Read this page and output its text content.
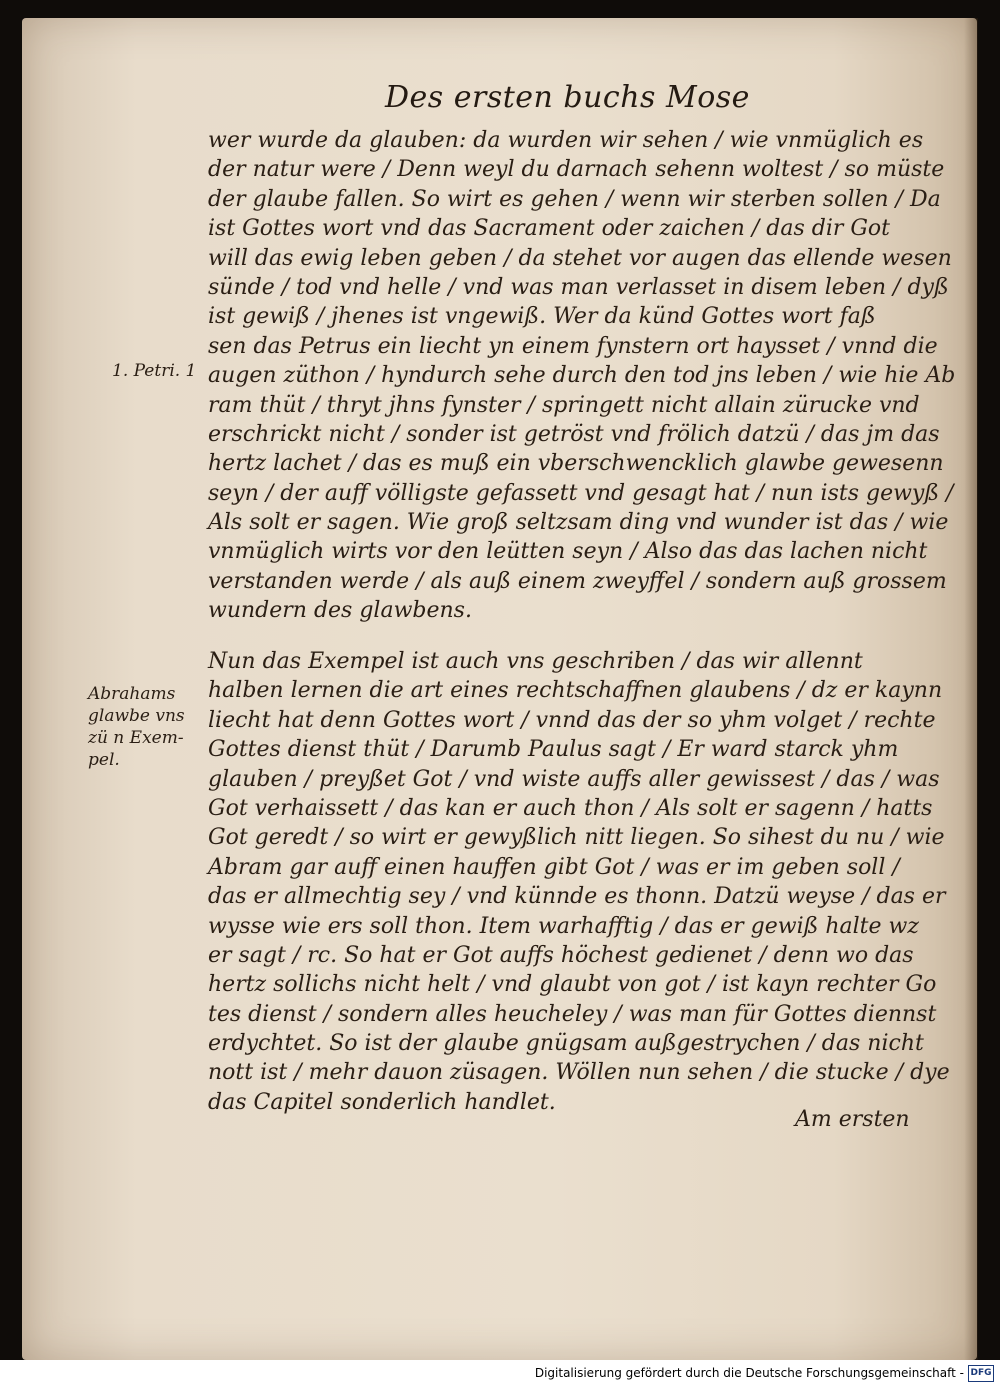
Des ersten buchs Mose
wer wurde da glauben: da wurden wir sehen / wie vnmüglich es
der natur were / Denn weyl du darnach sehenn woltest / so müste
der glaube fallen. So wirt es gehen / wenn wir sterben sollen / Da
ist Gottes wort vnd das Sacrament oder zaichen / das dir Got
will das ewig leben geben / da stehet vor augen das ellende wesen
sünde / tod vnd helle / vnd was man verlasset in disem leben / dyß
ist gewiß / jhenes ist vngewiß. Wer da künd Gottes wort faß
sen das Petrus ein liecht yn einem fynstern ort haysset / vnnd die
augen züthon / hyndurch sehe durch den tod jns leben / wie hie Ab
ram thüt / thryt jhns fynster / springett nicht allain zürucke vnd
erschrickt nicht / sonder ist getröst vnd frölich datzü / das jm das
hertz lachet / das es muß ein vberschwencklich glawbe gewesenn
seyn / der auff völligste gefassett vnd gesagt hat / nun ists gewyß /
Als solt er sagen. Wie groß seltzsam ding vnd wunder ist das / wie
vnmüglich wirts vor den leütten seyn / Also das das lachen nicht
verstanden werde / als auß einem zweyffel / sondern auß grossem
wundern des glawbens.
Nun das Exempel ist auch vns geschriben / das wir allennt
halben lernen die art eines rechtschaffnen glaubens / dz er kaynn
liecht hat denn Gottes wort / vnnd das der so yhm volget / rechte
Gottes dienst thüt / Darumb Paulus sagt / Er ward starck yhm
glauben / preyßet Got / vnd wiste auffs aller gewissest / das / was
Got verhaissett / das kan er auch thon / Als solt er sagenn / hatts
Got geredt / so wirt er gewyßlich nitt liegen. So sihest du nu / wie
Abram gar auff einen hauffen gibt Got / was er im geben soll /
das er allmechtig sey / vnd künnde es thonn. Datzü weyse / das er
wysse wie ers soll thon. Item warhafftig / das er gewiß halte wz
er sagt / rc. So hat er Got auffs höchest gedienet / denn wo das
hertz sollichs nicht helt / vnd glaubt von got / ist kayn rechter Go
tes dienst / sondern alles heucheley / was man für Gottes diennst
erdychtet. So ist der glaube gnügsam außgestrychen / das nicht
nott ist / mehr dauon züsagen. Wöllen nun sehen / die stucke / dye
das Capitel sonderlich handlet.
1. Petri. 1
Abrahams
glawbe vns
zü n Exem-
pel.
Am ersten
Digitalisierung gefördert durch die Deutsche Forschungsgemeinschaft - DFG
